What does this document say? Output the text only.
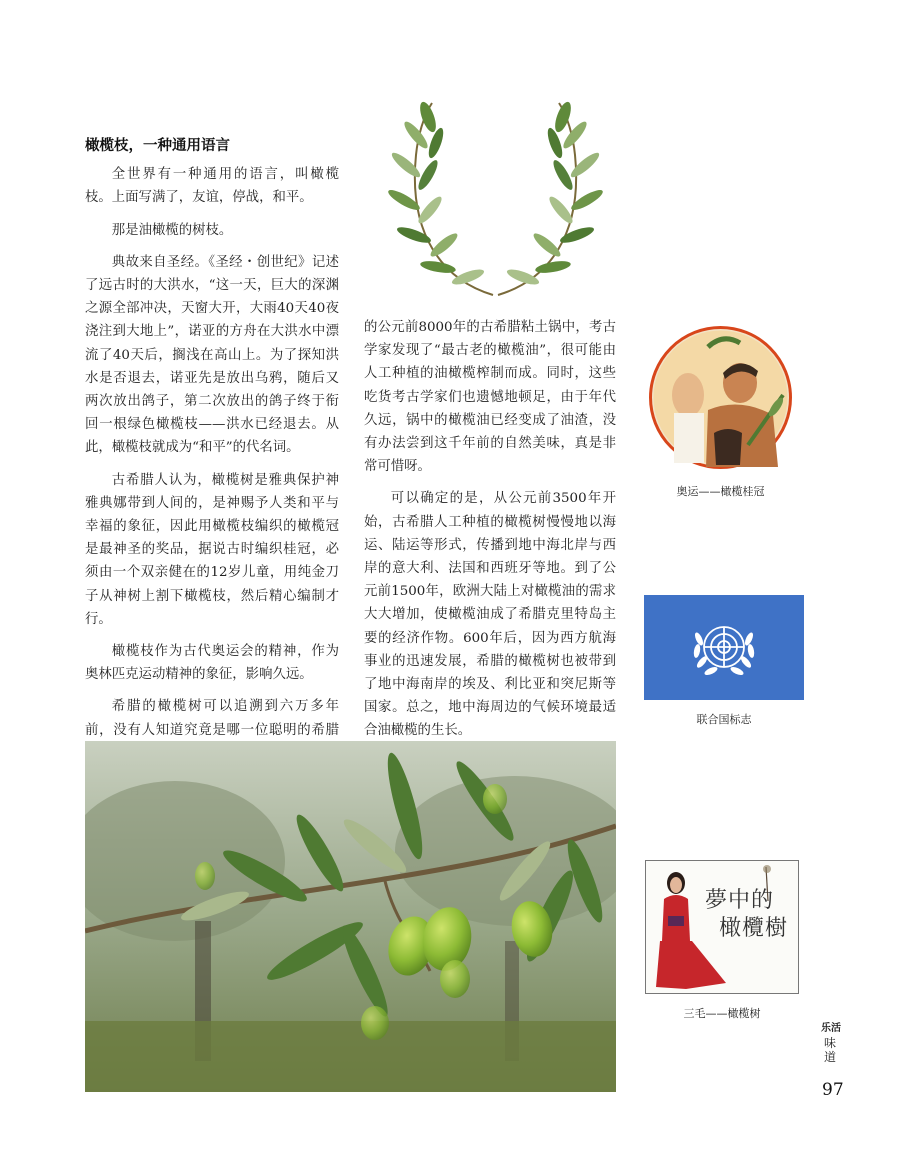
橄榄枝，一种通用语言

全世界有一种通用的语言，叫橄榄枝。上面写满了，友谊，停战，和平。

那是油橄榄的树枝。

典故来自圣经。《圣经・创世纪》记述了远古时的大洪水，“这一天，巨大的深渊之源全部冲决，天窗大开，大雨40天40夜浇注到大地上”，诺亚的方舟在大洪水中漂流了40天后，搁浅在高山上。为了探知洪水是否退去，诺亚先是放出乌鸦，随后又两次放出鸽子，第二次放出的鸽子终于衔回一根绿色橄榄枝——洪水已经退去。从此，橄榄枝就成为“和平”的代名词。

古希腊人认为，橄榄树是雅典保护神雅典娜带到人间的，是神赐予人类和平与幸福的象征，因此用橄榄枝编织的橄榄冠是最神圣的奖品，据说古时编织桂冠，必须由一个双亲健在的12岁儿童，用纯金刀子从神树上割下橄榄枝，然后精心编制才行。

橄榄枝作为古代奥运会的精神，作为奥林匹克运动精神的象征，影响久远。

希腊的橄榄树可以追溯到六万多年前，没有人知道究竟是哪一位聪明的希腊

的公元前8000年的古希腊粘土锅中，考古学家发现了“最古老的橄榄油”，很可能由人工种植的油橄榄榨制而成。同时，这些吃货考古学家们也遗憾地顿足，由于年代久远，锅中的橄榄油已经变成了油渣，没有办法尝到这千年前的自然美味，真是非常可惜呀。

可以确定的是，从公元前3500年开始，古希腊人工种植的橄榄树慢慢地以海运、陆运等形式，传播到地中海北岸与西岸的意大利、法国和西班牙等地。到了公元前1500年，欧洲大陆上对橄榄油的需求大大增加，使橄榄油成了希腊克里特岛主要的经济作物。600年后，因为西方航海事业的迅速发展，希腊的橄榄树也被带到了地中海南岸的埃及、利比亚和突尼斯等国家。总之，地中海周边的气候环境最适合油橄榄的生长。

奥运——橄榄桂冠
联合国标志
夢中的
橄欖樹
三毛——橄榄树
乐活
味道
97
